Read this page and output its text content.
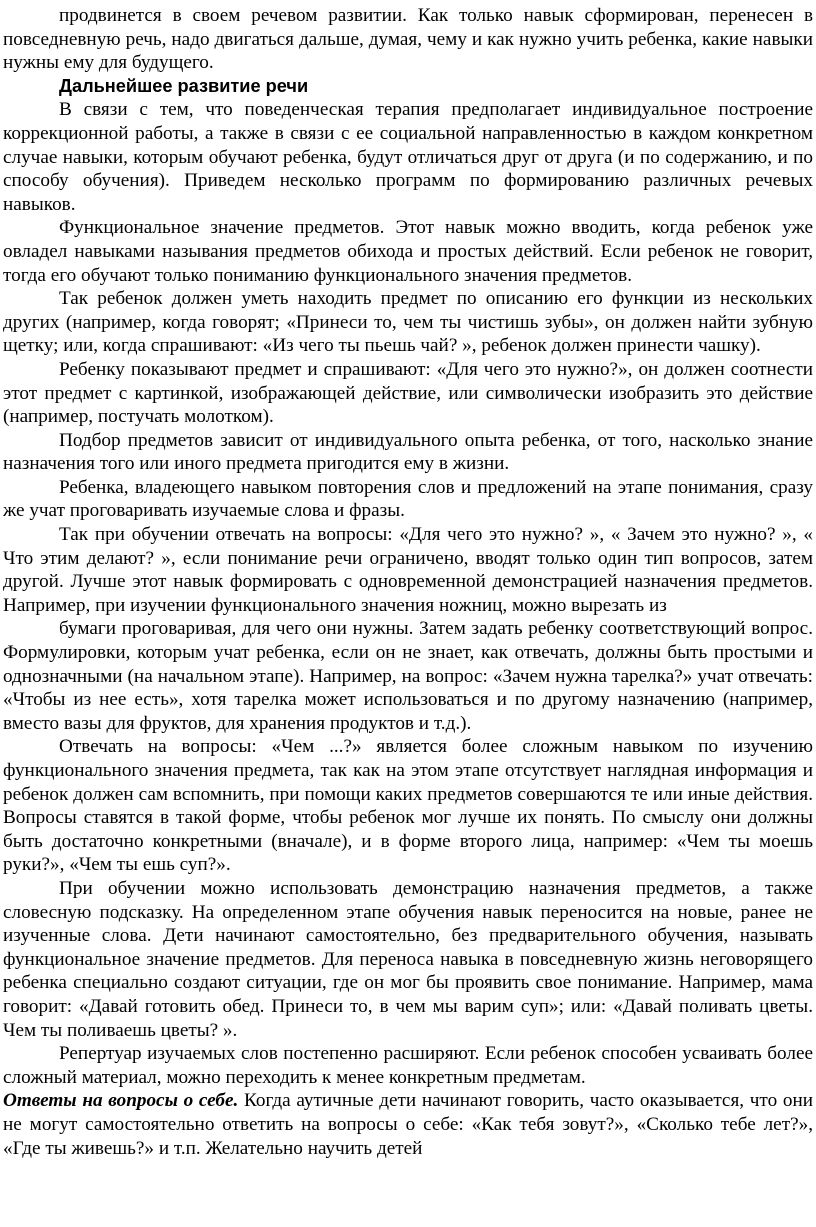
продвинется в своем речевом развитии. Как только навык сформирован, перенесен в повседневную речь, надо двигаться дальше, думая, чему и как нужно учить ребенка, какие навыки нужны ему для будущего.

Дальнейшее развитие речи

В связи с тем, что поведенческая терапия предполагает индивидуальное построение коррекционной работы, а также в связи с ее социальной направленностью в каждом конкретном случае навыки, которым обучают ребенка, будут отличаться друг от друга (и по содержанию, и по способу обучения). Приведем несколько программ по формированию различных речевых навыков.

Функциональное значение предметов. Этот навык можно вводить, когда ребенок уже овладел навыками называния предметов обихода и простых действий. Если ребенок не говорит, тогда его обучают только пониманию функционального значения предметов.

Так ребенок должен уметь находить предмет по описанию его функции из нескольких других (например, когда говорят; «Принеси то, чем ты чистишь зубы», он должен найти зубную щетку; или, когда спрашивают: «Из чего ты пьешь чай? », ребенок должен принести чашку).

Ребенку показывают предмет и спрашивают: «Для чего это нужно?», он должен соотнести этот предмет с картинкой, изображающей действие, или символически изобразить это действие (например, постучать молотком).

Подбор предметов зависит от индивидуального опыта ребенка, от того, насколько знание назначения того или иного предмета пригодится ему в жизни.

Ребенка, владеющего навыком повторения слов и предложений на этапе понимания, сразу же учат проговаривать изучаемые слова и фразы.

Так при обучении отвечать на вопросы: «Для чего это нужно? », « Зачем это нужно? », « Что этим делают? », если понимание речи ограничено, вводят только один тип вопросов, затем другой. Лучше этот навык формировать с одновременной демонстрацией назначения предметов. Например, при изучении функционального значения ножниц, можно вырезать из

бумаги проговаривая, для чего они нужны. Затем задать ребенку соответствующий вопрос. Формулировки, которым учат ребенка, если он не знает, как отвечать, должны быть простыми и однозначными (на начальном этапе). Например, на вопрос: «Зачем нужна тарелка?» учат отвечать: «Чтобы из нее есть», хотя тарелка может использоваться и по другому назначению (например, вместо вазы для фруктов, для хранения продуктов и т.д.).

Отвечать на вопросы: «Чем ...?» является более сложным навыком по изучению функционального значения предмета, так как на этом этапе отсутствует наглядная информация и ребенок должен сам вспомнить, при помощи каких предметов совершаются те или иные действия. Вопросы ставятся в такой форме, чтобы ребенок мог лучше их понять. По смыслу они должны быть достаточно конкретными (вначале), и в форме второго лица, например: «Чем ты моешь руки?», «Чем ты ешь суп?».

При обучении можно использовать демонстрацию назначения предметов, а также словесную подсказку. На определенном этапе обучения навык переносится на новые, ранее не изученные слова. Дети начинают самостоятельно, без предварительного обучения, называть функциональное значение предметов. Для переноса навыка в повседневную жизнь неговорящего ребенка специально создают ситуации, где он мог бы проявить свое понимание. Например, мама говорит: «Давай готовить обед. Принеси то, в чем мы варим суп»; или: «Давай поливать цветы. Чем ты поливаешь цветы? ».

Репертуар изучаемых слов постепенно расширяют. Если ребенок способен усваивать более сложный материал, можно переходить к менее конкретным предметам.

Ответы на вопросы о себе. Когда аутичные дети начинают говорить, часто оказывается, что они не могут самостоятельно ответить на вопросы о себе: «Как тебя зовут?», «Сколько тебе лет?», «Где ты живешь?» и т.п. Желательно научить детей
